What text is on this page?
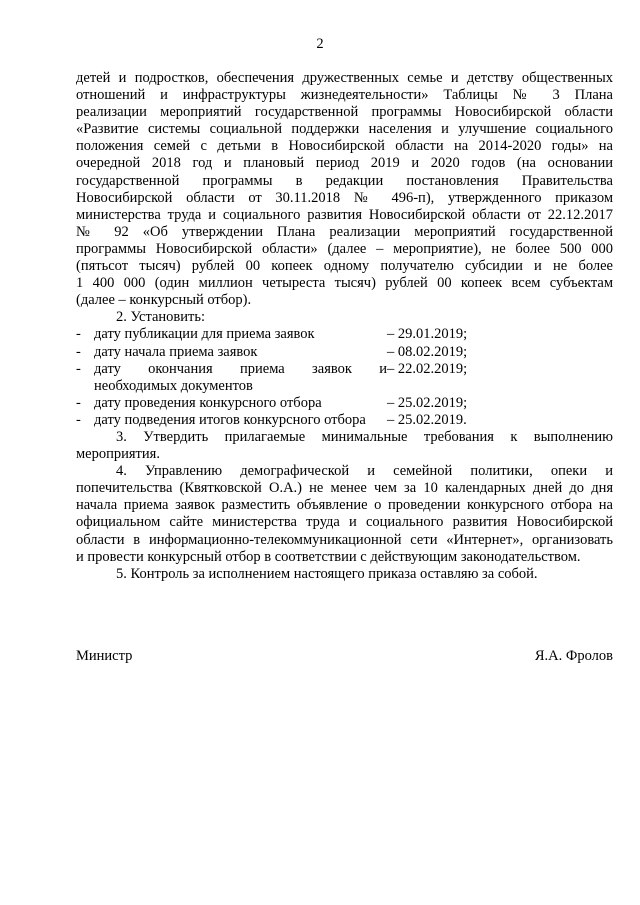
2
детей и подростков, обеспечения дружественных семье и детству общественных
отношений и инфраструктуры жизнедеятельности» Таблицы № 3 Плана
реализации мероприятий государственной программы Новосибирской области
«Развитие системы социальной поддержки населения и улучшение социального
положения семей с детьми в Новосибирской области на 2014-2020 годы» на
очередной 2018 год и плановый период 2019 и 2020 годов (на основании
государственной программы в редакции постановления Правительства
Новосибирской области от 30.11.2018 № 496-п), утвержденного приказом
министерства труда и социального развития Новосибирской области от 22.12.2017
№ 92 «Об утверждении Плана реализации мероприятий государственной
программы Новосибирской области» (далее – мероприятие), не более 500 000
(пятьсот тысяч) рублей 00 копеек одному получателю субсидии и не более
1 400 000 (один миллион четыреста тысяч) рублей 00 копеек всем субъектам
(далее – конкурсный отбор).
2. Установить:
- дату публикации для приема заявок	– 29.01.2019;
- дату начала приема заявок	– 08.02.2019;
- дату окончания приема заявок и – 22.02.2019;
необходимых документов
- дату проведения конкурсного отбора	– 25.02.2019;
- дату подведения итогов конкурсного отбора	– 25.02.2019.
3. Утвердить прилагаемые минимальные требования к выполнению
мероприятия.
4. Управлению демографической и семейной политики, опеки и
попечительства (Квятковской О.А.) не менее чем за 10 календарных дней до дня
начала приема заявок разместить объявление о проведении конкурсного отбора на
официальном сайте министерства труда и социального развития Новосибирской
области в информационно-телекоммуникационной сети «Интернет», организовать
и провести конкурсный отбор в соответствии с действующим законодательством.
5. Контроль за исполнением настоящего приказа оставляю за собой.
Министр	Я.А. Фролов
